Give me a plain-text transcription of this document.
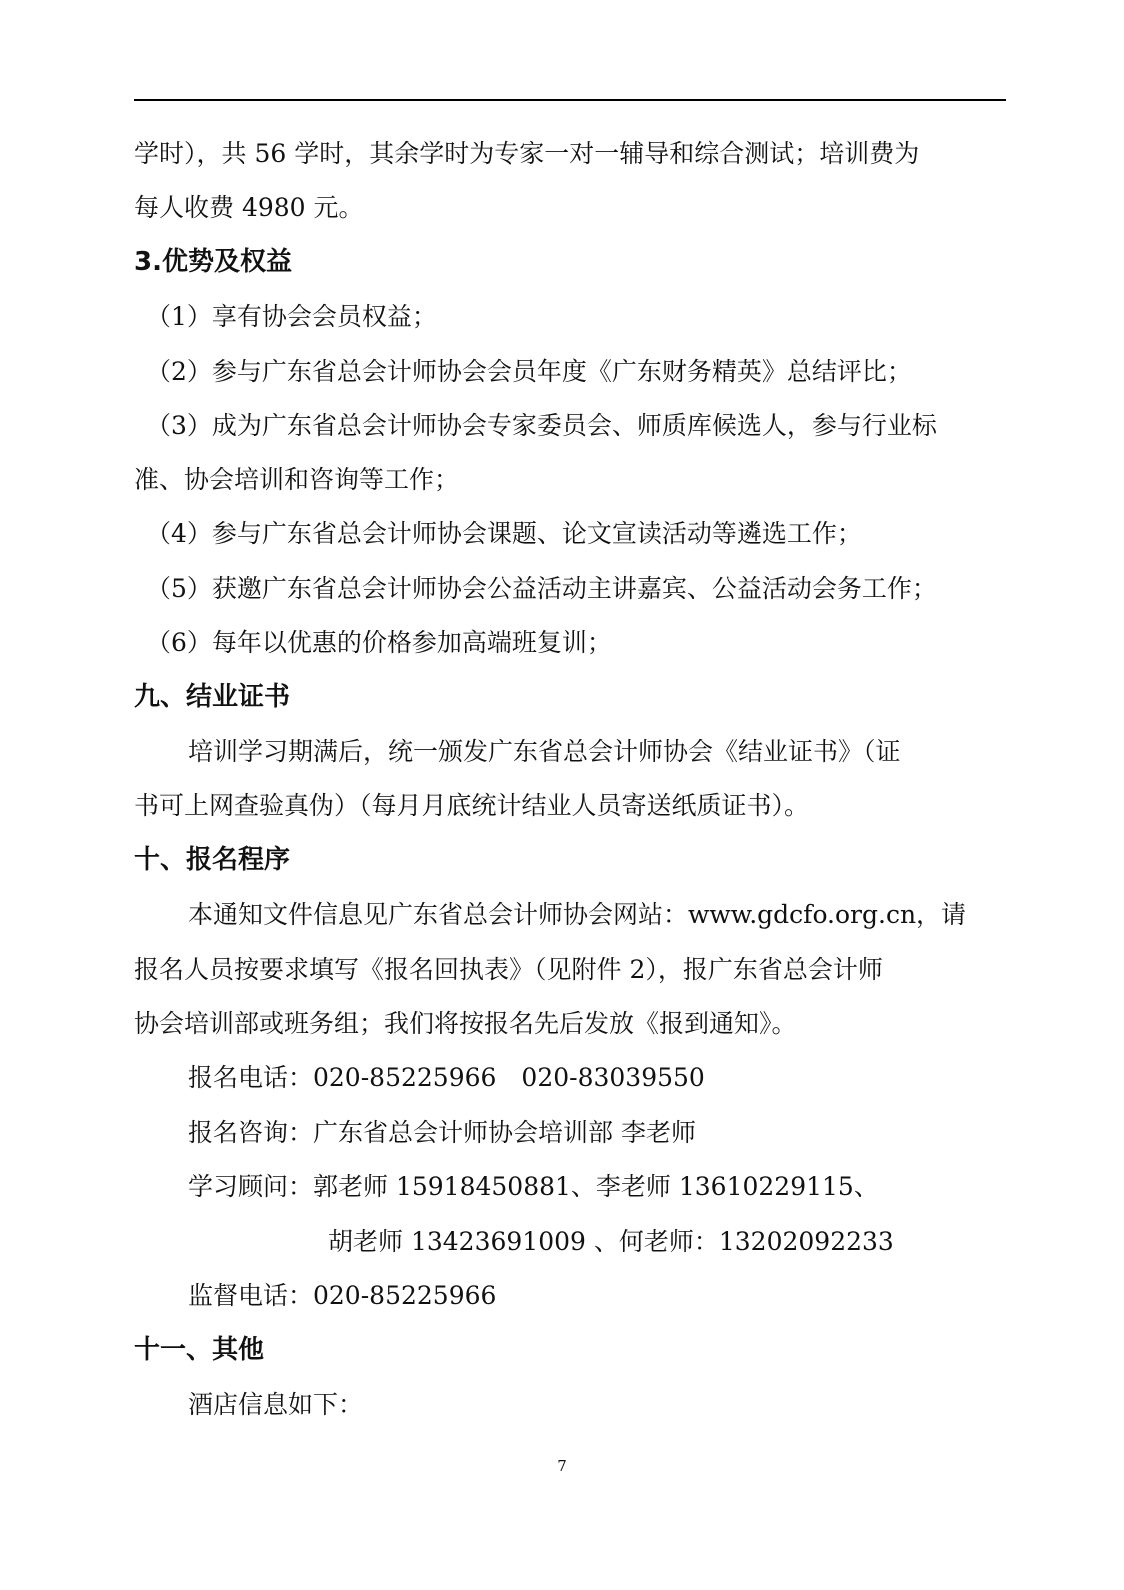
学时），共 56 学时，其余学时为专家一对一辅导和综合测试；培训费为
每人收费 4980 元。
3.优势及权益
（1）享有协会会员权益；
（2）参与广东省总会计师协会会员年度《广东财务精英》总结评比；
（3）成为广东省总会计师协会专家委员会、师质库候选人，参与行业标
准、协会培训和咨询等工作；
（4）参与广东省总会计师协会课题、论文宣读活动等遴选工作；
（5）获邀广东省总会计师协会公益活动主讲嘉宾、公益活动会务工作；
（6）每年以优惠的价格参加高端班复训；
九、结业证书
培训学习期满后，统一颁发广东省总会计师协会《结业证书》（证
书可上网查验真伪）（每月月底统计结业人员寄送纸质证书）。
十、报名程序
本通知文件信息见广东省总会计师协会网站：www.gdcfo.org.cn，请
报名人员按要求填写《报名回执表》（见附件 2），报广东省总会计师
协会培训部或班务组；我们将按报名先后发放《报到通知》。
报名电话：020-85225966　020-83039550
报名咨询：广东省总会计师协会培训部 李老师
学习顾问：郭老师 15918450881、李老师 13610229115、
胡老师 13423691009 、何老师：13202092233
监督电话：020-85225966
十一、其他
酒店信息如下：
7
